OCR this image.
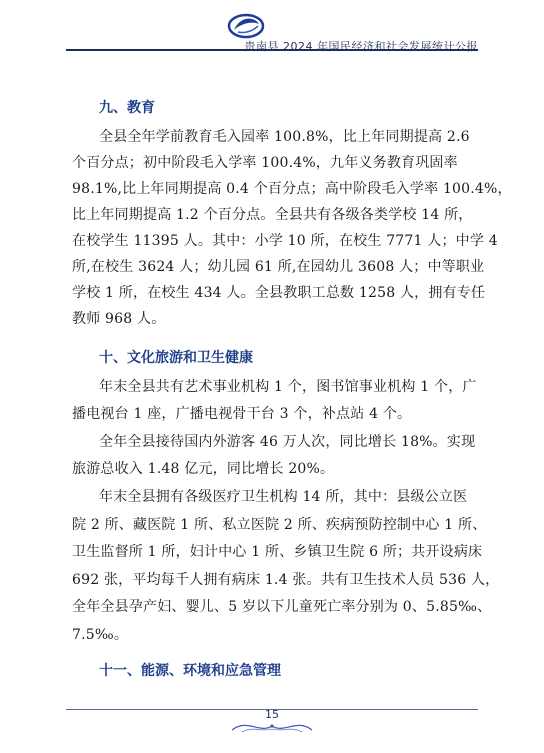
贵南县 2024 年国民经济和社会发展统计公报
九、教育
全县全年学前教育毛入园率 100.8%，比上年同期提高 2.6
个百分点；初中阶段毛入学率 100.4%，九年义务教育巩固率
98.1%,比上年同期提高 0.4 个百分点；高中阶段毛入学率 100.4%，
比上年同期提高 1.2 个百分点。全县共有各级各类学校 14 所，
在校学生 11395 人。其中：小学 10 所，在校生 7771 人；中学 4
所,在校生 3624 人；幼儿园 61 所,在园幼儿 3608 人；中等职业
学校 1 所，在校生 434 人。全县教职工总数 1258 人，拥有专任
教师 968 人。
十、文化旅游和卫生健康
年末全县共有艺术事业机构 1 个，图书馆事业机构 1 个，广
播电视台 1 座，广播电视骨干台 3 个，补点站 4 个。
全年全县接待国内外游客 46 万人次，同比增长 18%。实现
旅游总收入 1.48 亿元，同比增长 20%。
年末全县拥有各级医疗卫生机构 14 所，其中：县级公立医
院 2 所、藏医院 1 所、私立医院 2 所、疾病预防控制中心 1 所、
卫生监督所 1 所，妇计中心 1 所、乡镇卫生院 6 所；共开设病床
692 张，平均每千人拥有病床 1.4 张。共有卫生技术人员 536 人，
全年全县孕产妇、婴儿、5 岁以下儿童死亡率分别为 0、5.85‰、
7.5‰。
十一、能源、环境和应急管理
15
